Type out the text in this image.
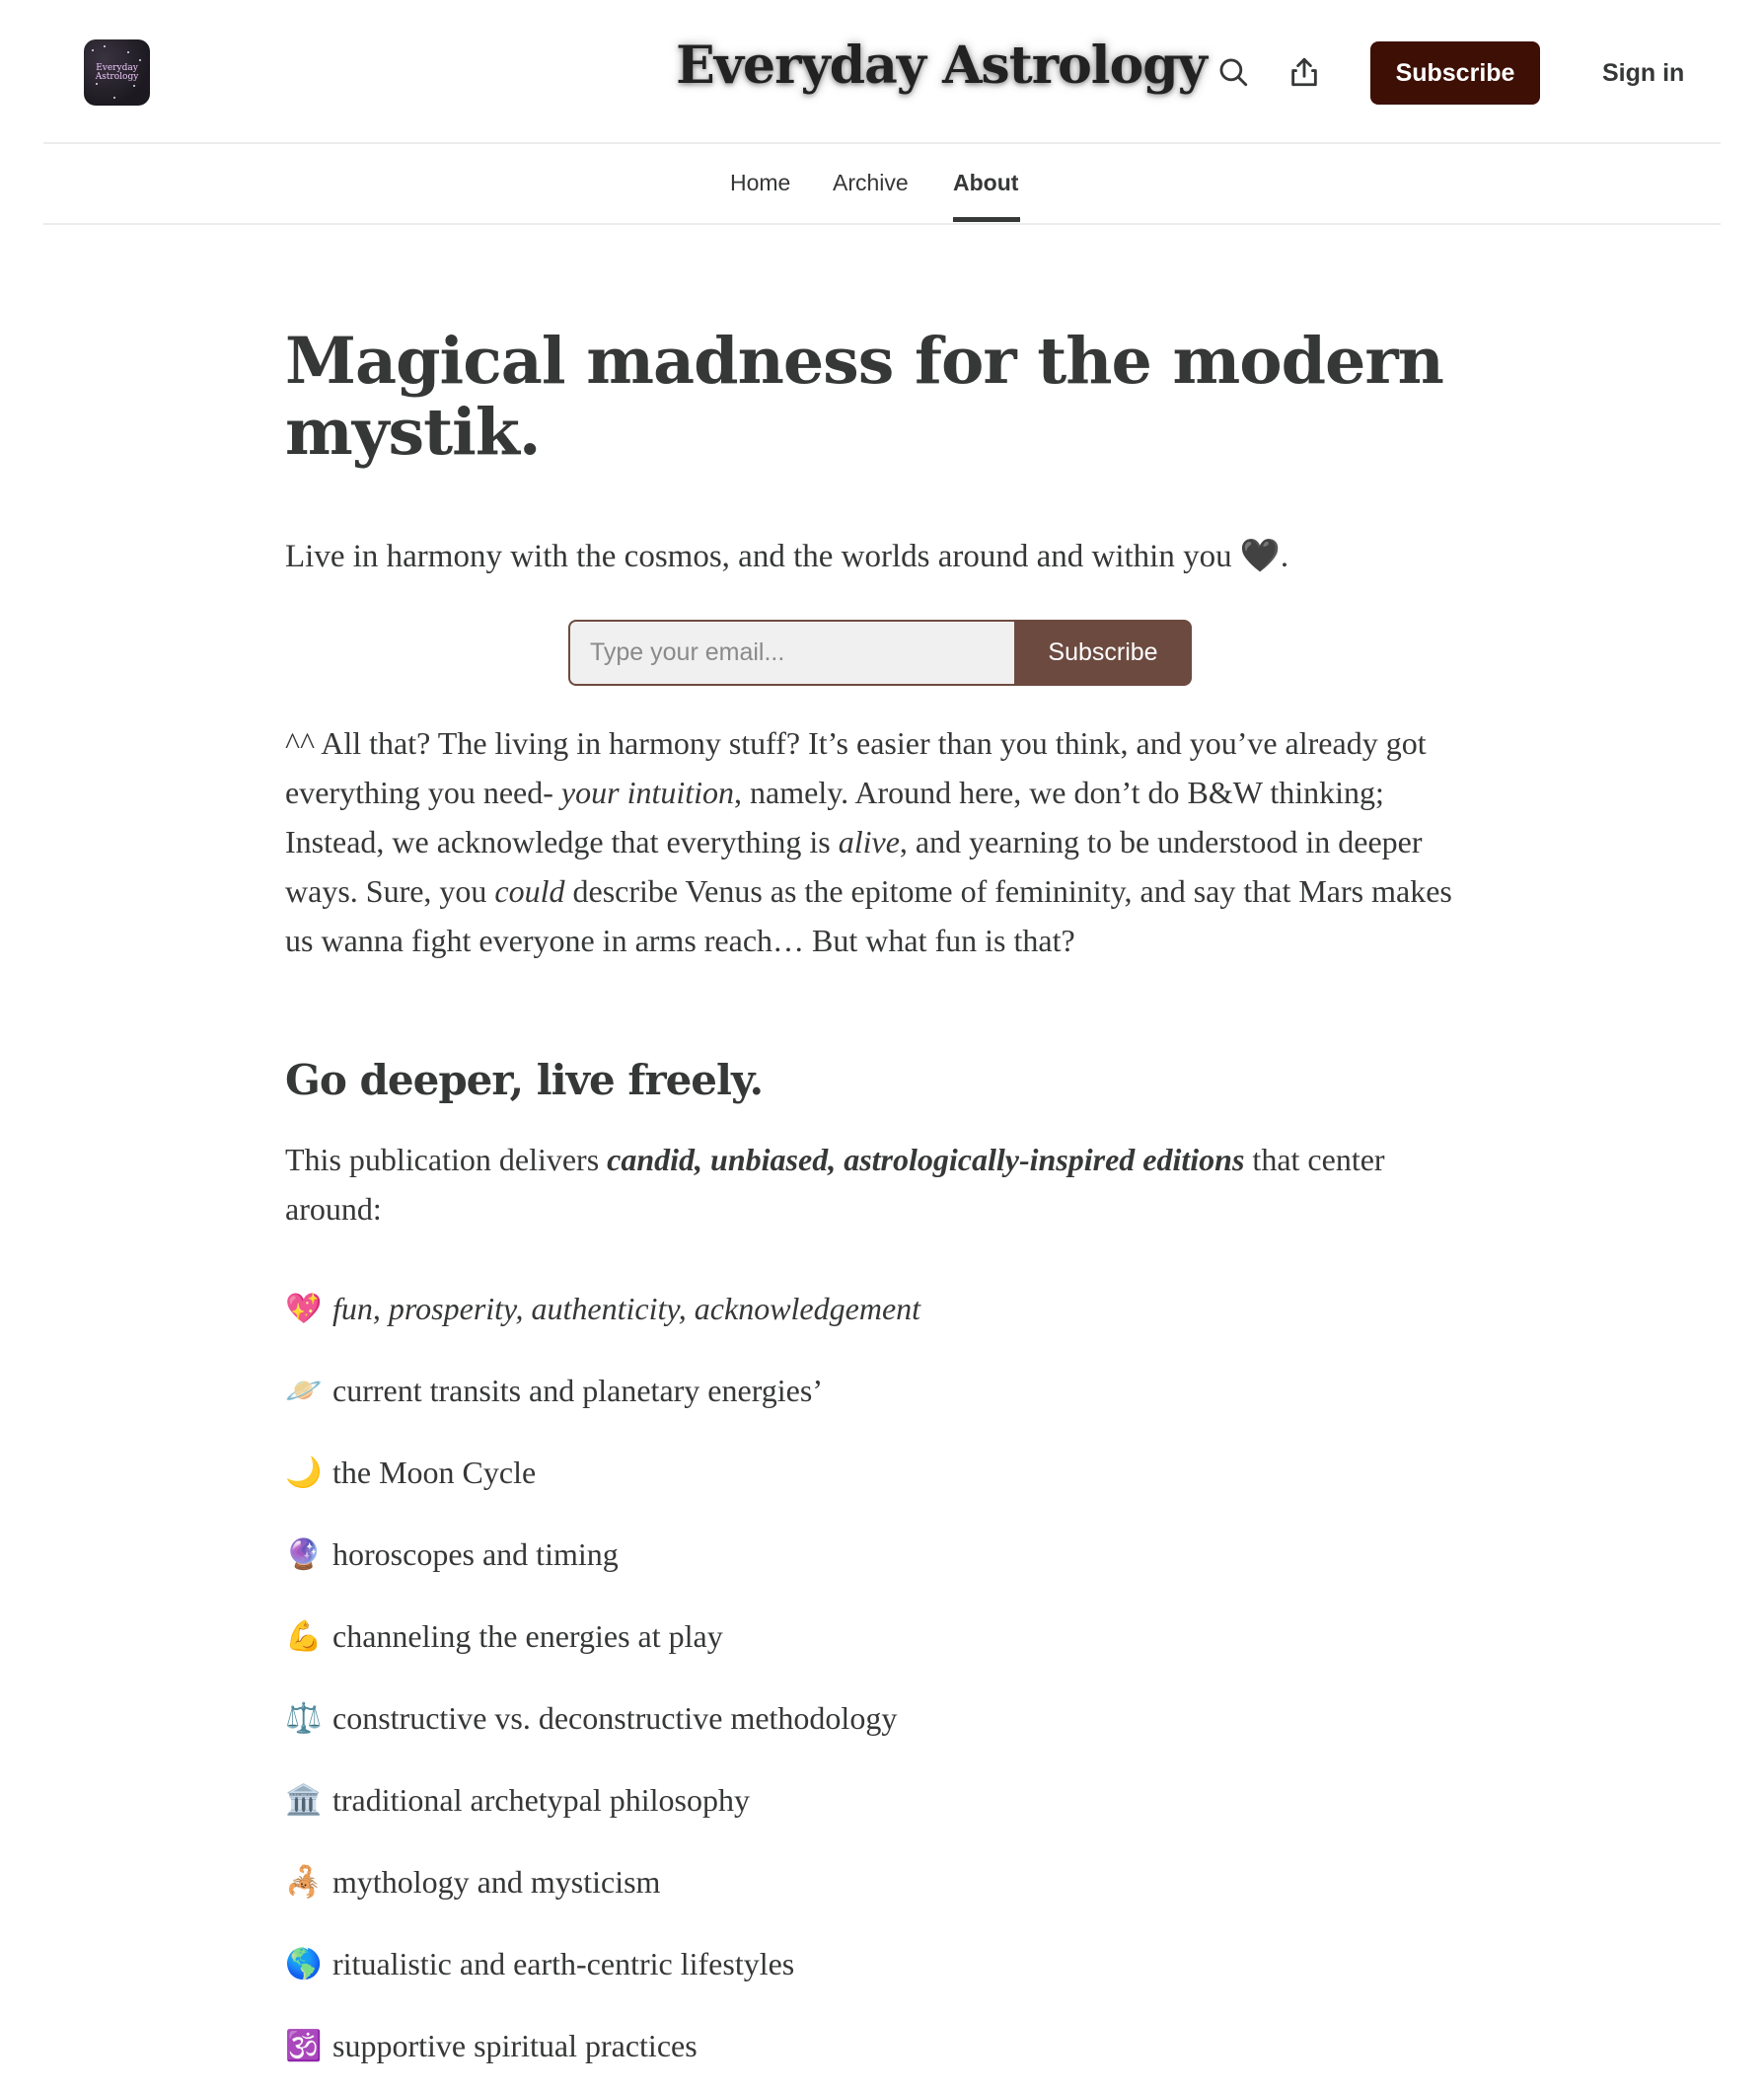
Everyday
Astrology	Everyday Astrology	Subscribe	Sign in
Home Archive About
Magical madness for the modern mystik.

Live in harmony with the cosmos, and the worlds around and within you 🖤.

Type your email...
Subscribe

^^ All that? The living in harmony stuff? It’s easier than you think, and you’ve already got everything you need- your intuition, namely. Around here, we don’t do B&W thinking; Instead, we acknowledge that everything is alive, and yearning to be understood in deeper ways. Sure, you could describe Venus as the epitome of femininity, and say that Mars makes us wanna fight everyone in arms reach… But what fun is that?

Go deeper, live freely.

This publication delivers candid, unbiased, astrologically-inspired editions that center around:

💖 fun, prosperity, authenticity, acknowledgement
🪐 current transits and planetary energies’
🌙 the Moon Cycle
🔮 horoscopes and timing
💪 channeling the energies at play
⚖️ constructive vs. deconstructive methodology
🏛️ traditional archetypal philosophy
🦂 mythology and mysticism
🌎 ritualistic and earth-centric lifestyles
🕉️ supportive spiritual practices
